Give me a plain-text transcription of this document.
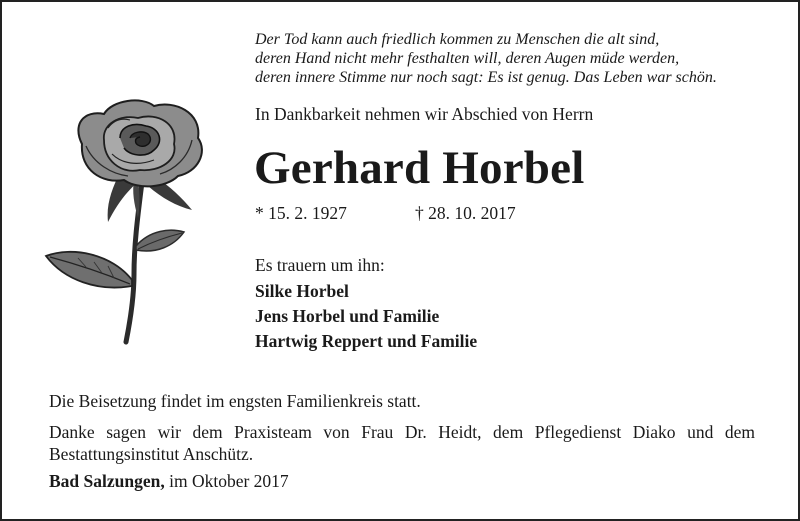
Der Tod kann auch friedlich kommen zu Menschen die alt sind,
deren Hand nicht mehr festhalten will, deren Augen müde werden,
deren innere Stimme nur noch sagt: Es ist genug. Das Leben war schön.
In Dankbarkeit nehmen wir Abschied von Herrn
Gerhard Horbel
* 15. 2. 1927	† 28. 10. 2017
Es trauern um ihn:
Silke Horbel
Jens Horbel und Familie
Hartwig Reppert und Familie
Die Beisetzung findet im engsten Familienkreis statt.
Danke sagen wir dem Praxisteam von Frau Dr. Heidt, dem Pflegedienst Diako und dem Bestattungsinstitut Anschütz.
Bad Salzungen, im Oktober 2017
